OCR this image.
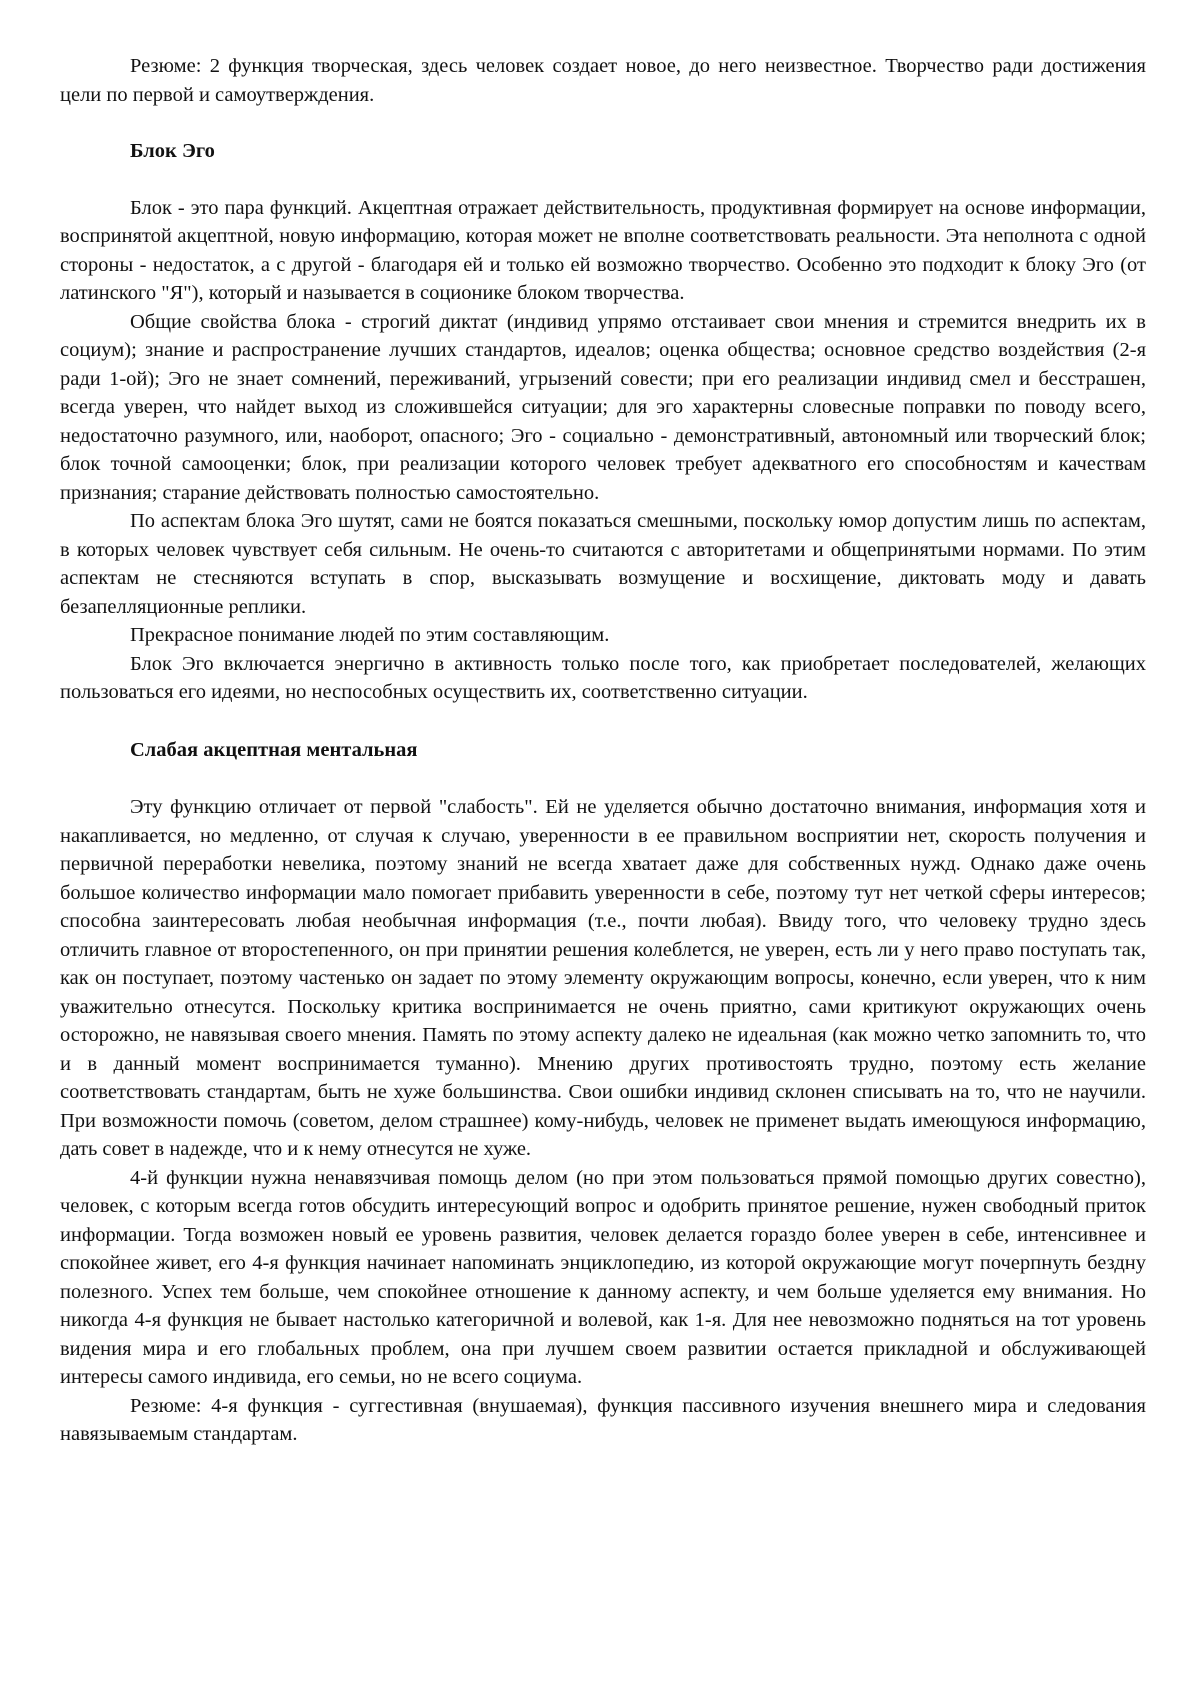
Резюме: 2 функция творческая, здесь человек создает новое, до него неизвестное. Творчество ради достижения цели по первой и самоутверждения.

Блок Эго

Блок - это пара функций. Акцептная отражает действительность, продуктивная формирует на основе информации, воспринятой акцептной, новую информацию, которая может не вполне соответствовать реальности. Эта неполнота с одной стороны - недостаток, а с другой - благодаря ей и только ей возможно творчество. Особенно это подходит к блоку Эго (от латинского "Я"), который и называется в соционике блоком творчества.

Общие свойства блока - строгий диктат (индивид упрямо отстаивает свои мнения и стремится внедрить их в социум); знание и распространение лучших стандартов, идеалов; оценка общества; основное средство воздействия (2-я ради 1-ой); Эго не знает сомнений, переживаний, угрызений совести; при его реализации индивид смел и бесстрашен, всегда уверен, что найдет выход из сложившейся ситуации; для эго характерны словесные поправки по поводу всего, недостаточно разумного, или, наоборот, опасного; Эго - социально - демонстративный, автономный или творческий блок; блок точной самооценки; блок, при реализации которого человек требует адекватного его способностям и качествам признания; старание действовать полностью самостоятельно.

По аспектам блока Эго шутят, сами не боятся показаться смешными, поскольку юмор допустим лишь по аспектам, в которых человек чувствует себя сильным. Не очень-то считаются с авторитетами и общепринятыми нормами. По этим аспектам не стесняются вступать в спор, высказывать возмущение и восхищение, диктовать моду и давать безапелляционные реплики.

Прекрасное понимание людей по этим составляющим.

Блок Эго включается энергично в активность только после того, как приобретает последователей, желающих пользоваться его идеями, но неспособных осуществить их, соответственно ситуации.

Слабая акцептная ментальная

Эту функцию отличает от первой "слабость". Ей не уделяется обычно достаточно внимания, информация хотя и накапливается, но медленно, от случая к случаю, уверенности в ее правильном восприятии нет, скорость получения и первичной переработки невелика, поэтому знаний не всегда хватает даже для собственных нужд. Однако даже очень большое количество информации мало помогает прибавить уверенности в себе, поэтому тут нет четкой сферы интересов; способна заинтересовать любая необычная информация (т.е., почти любая). Ввиду того, что человеку трудно здесь отличить главное от второстепенного, он при принятии решения колеблется, не уверен, есть ли у него право поступать так, как он поступает, поэтому частенько он задает по этому элементу окружающим вопросы, конечно, если уверен, что к ним уважительно отнесутся. Поскольку критика воспринимается не очень приятно, сами критикуют окружающих очень осторожно, не навязывая своего мнения. Память по этому аспекту далеко не идеальная (как можно четко запомнить то, что и в данный момент воспринимается туманно). Мнению других противостоять трудно, поэтому есть желание соответствовать стандартам, быть не хуже большинства. Свои ошибки индивид склонен списывать на то, что не научили. При возможности помочь (советом, делом страшнее) кому-нибудь, человек не применет выдать имеющуюся информацию, дать совет в надежде, что и к нему отнесутся не хуже.

4-й функции нужна ненавязчивая помощь делом (но при этом пользоваться прямой помощью других совестно), человек, с которым всегда готов обсудить интересующий вопрос и одобрить принятое решение, нужен свободный приток информации. Тогда возможен новый ее уровень развития, человек делается гораздо более уверен в себе, интенсивнее и спокойнее живет, его 4-я функция начинает напоминать энциклопедию, из которой окружающие могут почерпнуть бездну полезного. Успех тем больше, чем спокойнее отношение к данному аспекту, и чем больше уделяется ему внимания. Но никогда 4-я функция не бывает настолько категоричной и волевой, как 1-я. Для нее невозможно подняться на тот уровень видения мира и его глобальных проблем, она при лучшем своем развитии остается прикладной и обслуживающей интересы самого индивида, его семьи, но не всего социума.

Резюме: 4-я функция - суггестивная (внушаемая), функция пассивного изучения внешнего мира и следования навязываемым стандартам.
